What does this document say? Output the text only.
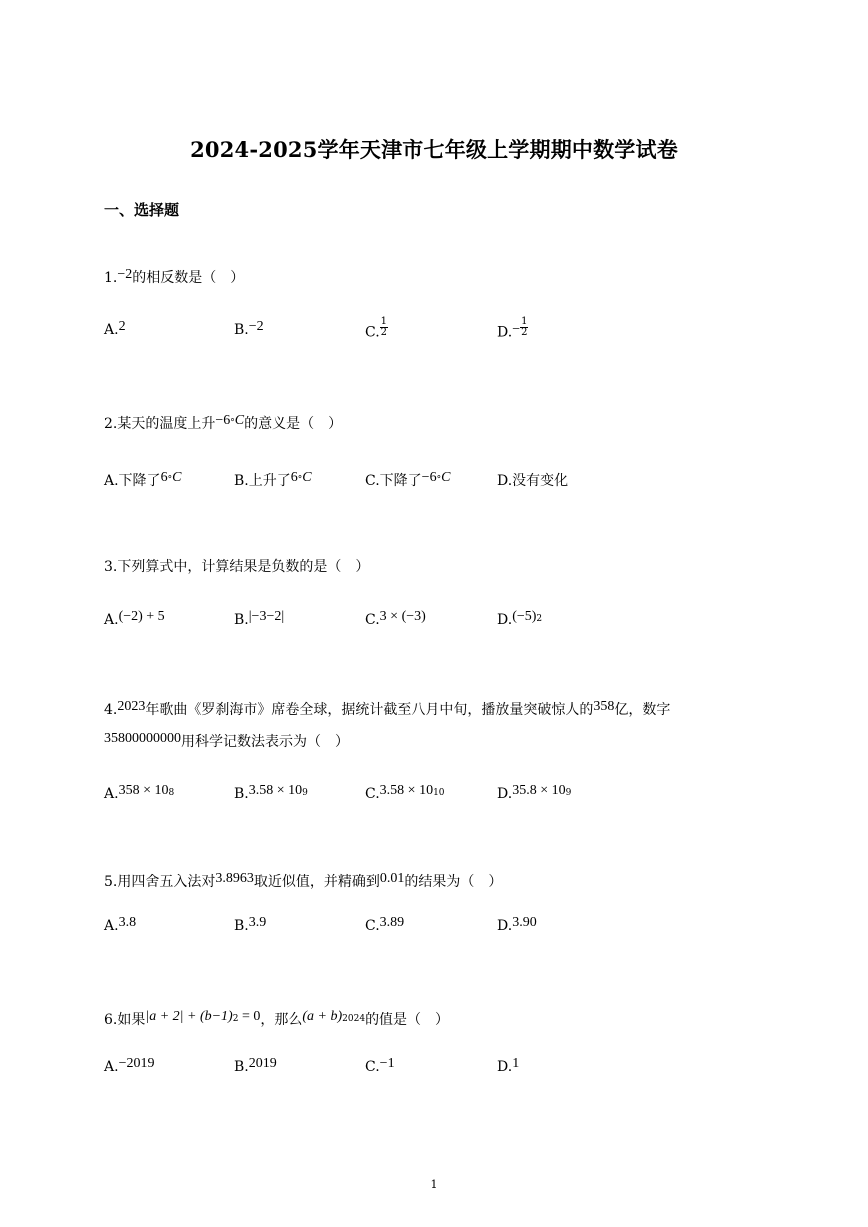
2024-2025学年天津市七年级上学期期中数学试卷
一、选择题
1.−2的相反数是（　）
A.2	B.−2	C. $\frac{1}{2}$	$D.- \frac{1}{2}$
2.某天的温度上升−6°C的意义是（　）
A.下降了6°C	B.上升了6°C	C.下降了−6°C	D.没有变化
3.下列算式中，计算结果是负数的是（　）
A.(−2) + 5	B.|−3−2|	C.3 × (−3)	$D.(-5)^2$
4.2023年歌曲《罗刹海市》席卷全球，据统计截至八月中旬，播放量突破惊人的358亿，数字
35800000000用科学记数法表示为（　）
$A.358 \times 10^8$	$B.3.58 \times 10^9$	$C.3.58 \times 10^{10}$	$D.35.8 \times 10^9$
5.用四舍五入法对3.8963取近似值，并精确到0.01的结果为（　）
A.3.8	B.3.9	C.3.89	D.3.90
6.如果$|a + 2| + (b-1)^2 = 0$，那么$(a + b)^{2024}$的值是（　）
A.−2019	B.2019	C.−1	D.1
1
